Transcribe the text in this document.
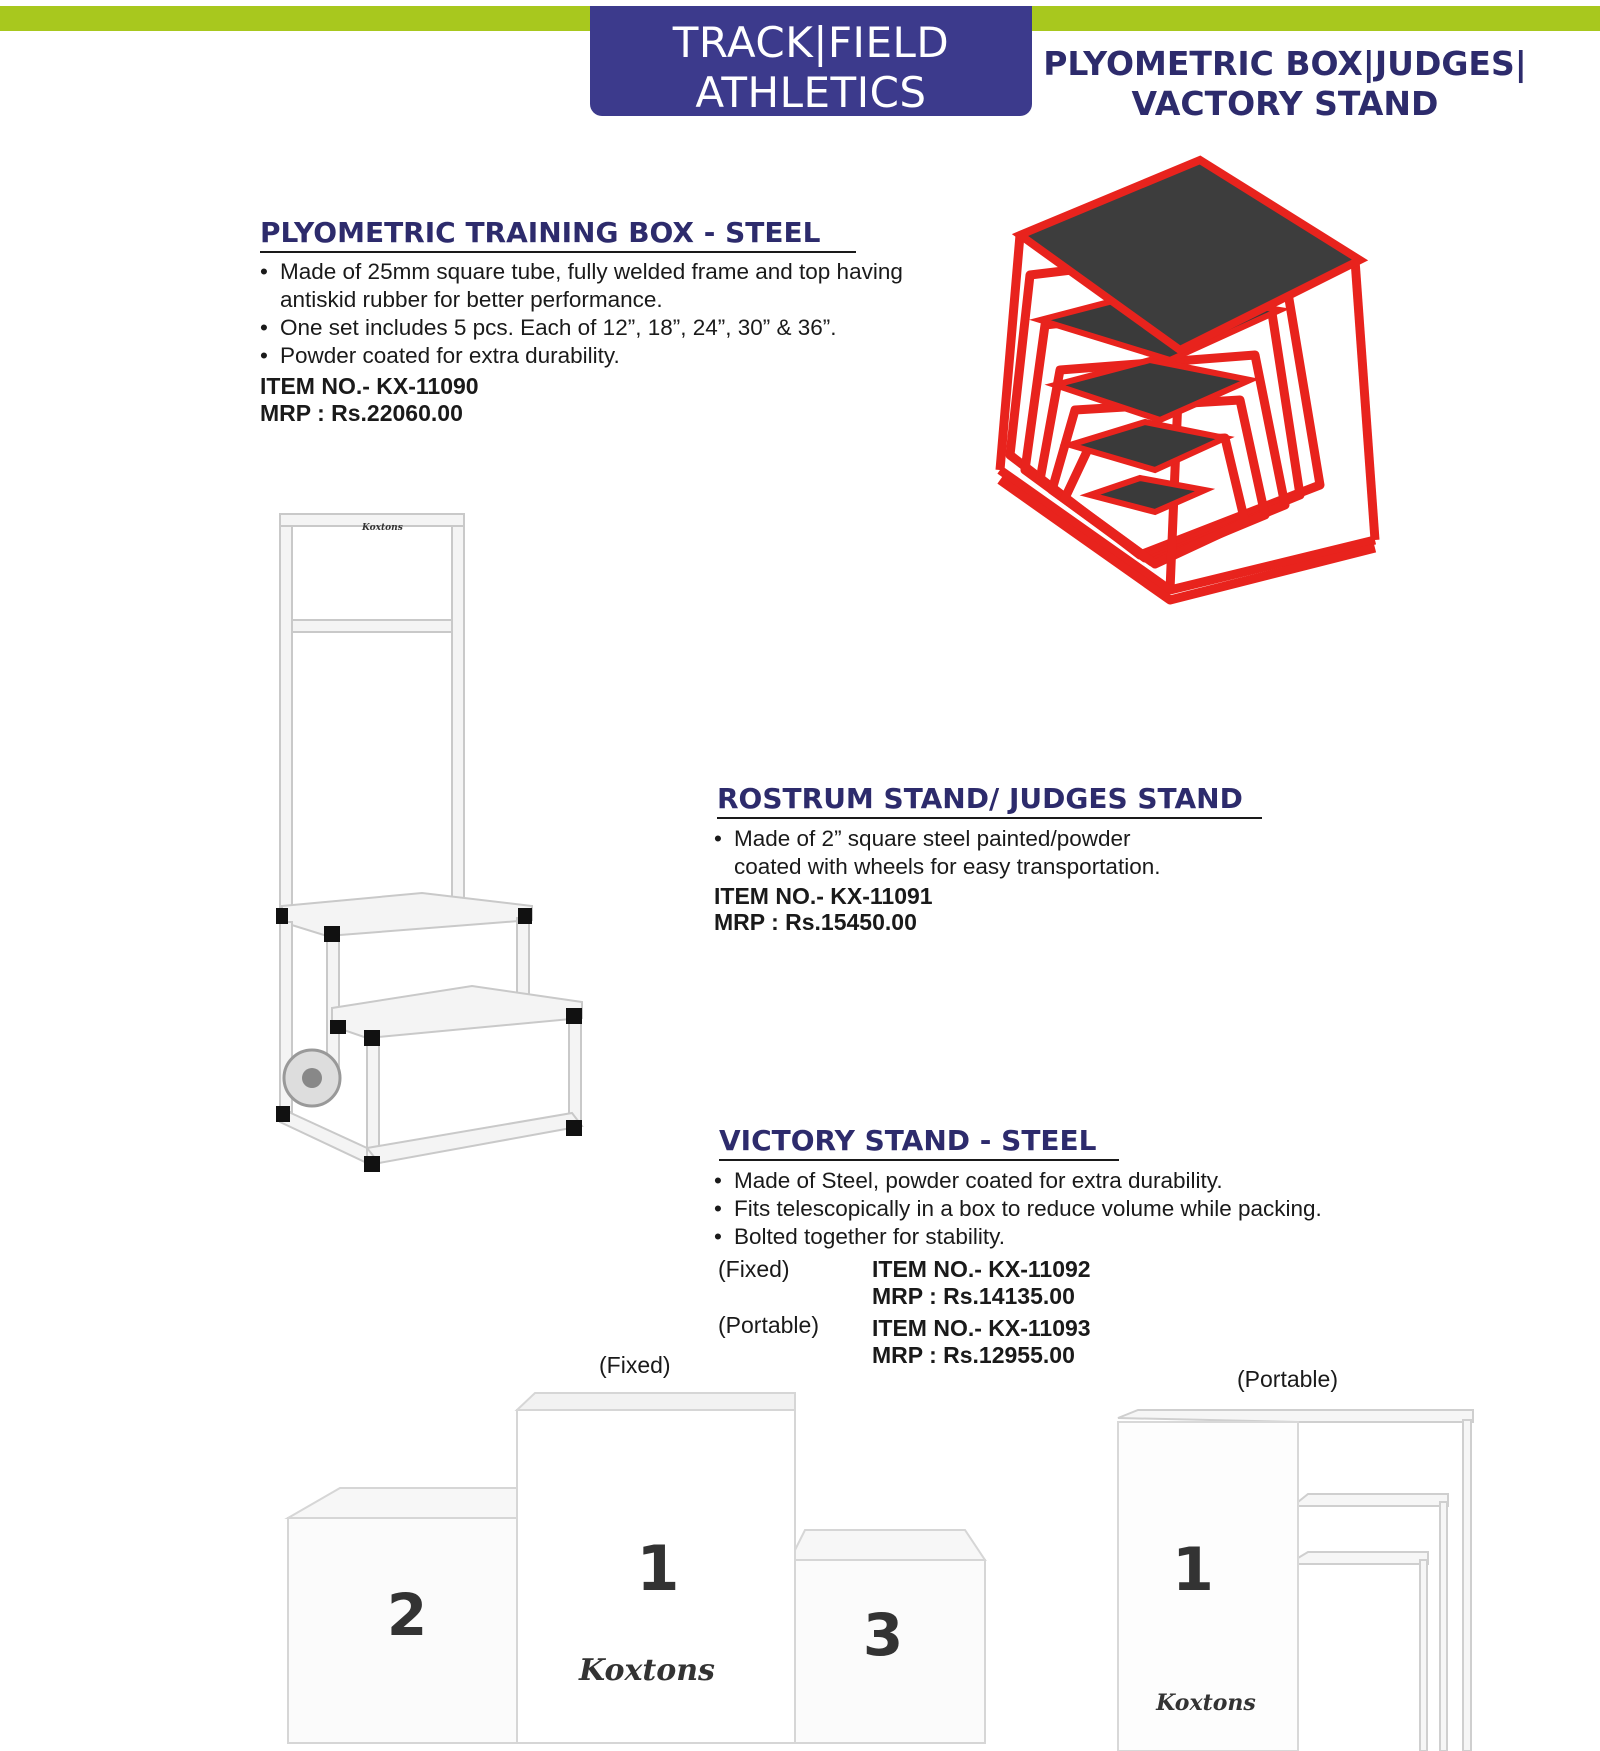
TRACK|FIELD
ATHLETICS
PLYOMETRIC BOX|JUDGES|
VACTORY STAND
PLYOMETRIC TRAINING BOX - STEEL
• Made of 25mm square tube, fully welded frame and top having antiskid rubber for better performance.
• One set includes 5 pcs. Each of 12”, 18”, 24”, 30” & 36”.
• Powder coated for extra durability.
ITEM NO.- KX-11090
MRP : Rs.22060.00
Koxtons
ROSTRUM STAND/ JUDGES STAND
• Made of 2” square steel painted/powder coated with wheels for easy transportation.
ITEM NO.- KX-11091
MRP : Rs.15450.00
VICTORY STAND - STEEL
• Made of Steel, powder coated for extra durability.
• Fits telescopically in a box to reduce volume while packing.
• Bolted together for stability.
(Fixed)	ITEM NO.- KX-11092
MRP : Rs.14135.00
(Portable) ITEM NO.- KX-11093
MRP : Rs.12955.00
(Fixed)
(Portable)
1
2	3
Koxtons
1
Koxtons
